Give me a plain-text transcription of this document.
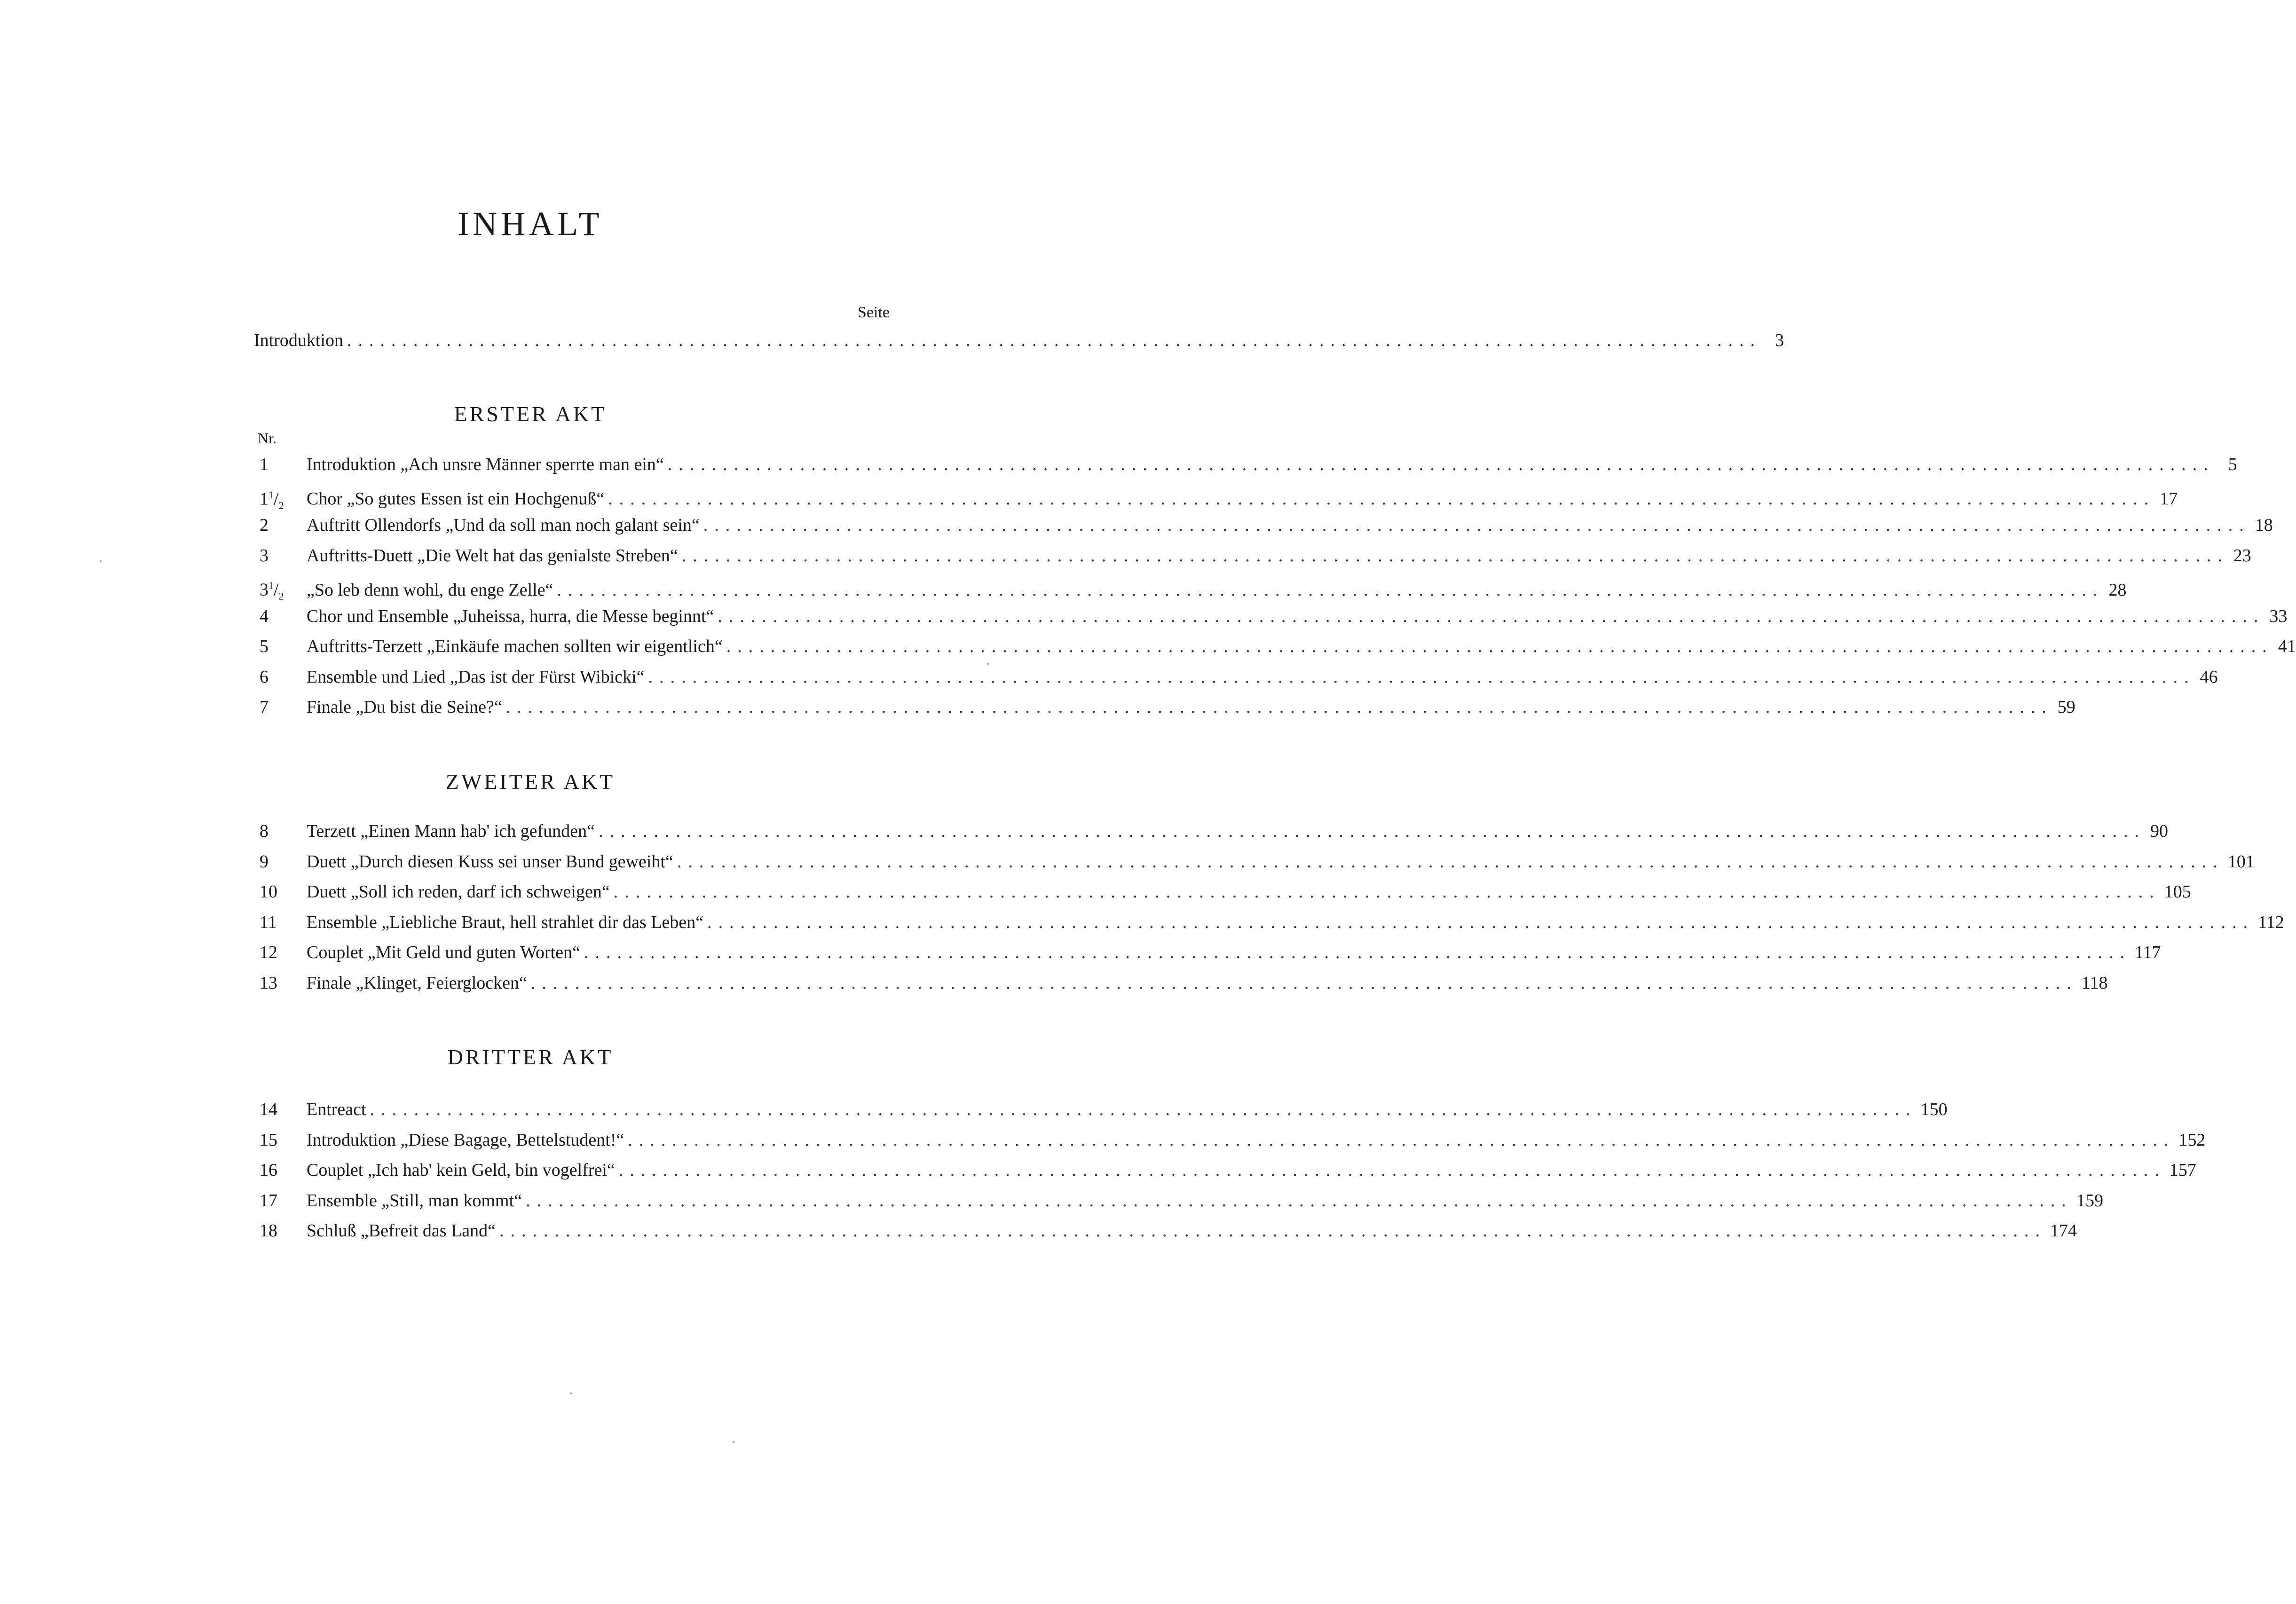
INHALT
Seite
Introduktion ................................................................................................................................ 3
ERSTER AKT
Nr.
1	Introduktion „Ach unsre Männer sperrte man ein“ ............................................................................................................................................ 5
$1^1/_2$	Chor „So gutes Essen ist ein Hochgenuß“ ............................................................................................................................................ 17
2	Auftritt Ollendorfs „Und da soll man noch galant sein“ ............................................................................................................................................ 18
3	Auftritts-Duett „Die Welt hat das genialste Streben“ ............................................................................................................................................ 23
$3^1/_2$	„So leb denn wohl, du enge Zelle“ ............................................................................................................................................ 28
4	Chor und Ensemble „Juheissa, hurra, die Messe beginnt“ ............................................................................................................................................ 33
5	Auftritts-Terzett „Einkäufe machen sollten wir eigentlich“ ............................................................................................................................................ 41
6	Ensemble und Lied „Das ist der Fürst Wibicki“ ............................................................................................................................................ 46
7	Finale „Du bist die Seine?“ ............................................................................................................................................ 59
ZWEITER AKT
8	Terzett „Einen Mann hab' ich gefunden“ ............................................................................................................................................ 90
9	Duett „Durch diesen Kuss sei unser Bund geweiht“ ............................................................................................................................................ 101
10	Duett „Soll ich reden, darf ich schweigen“ ............................................................................................................................................ 105
11	Ensemble „Liebliche Braut, hell strahlet dir das Leben“ ............................................................................................................................................ 112
12	Couplet „Mit Geld und guten Worten“ ............................................................................................................................................ 117
13	Finale „Klinget, Feierglocken“ ............................................................................................................................................ 118
DRITTER AKT
14	Entreact ............................................................................................................................................ 150
15	Introduktion „Diese Bagage, Bettelstudent!“ ............................................................................................................................................ 152
16	Couplet „Ich hab' kein Geld, bin vogelfrei“ ............................................................................................................................................ 157
17	Ensemble „Still, man kommt“ ............................................................................................................................................ 159
18	Schluß „Befreit das Land“ ............................................................................................................................................ 174
